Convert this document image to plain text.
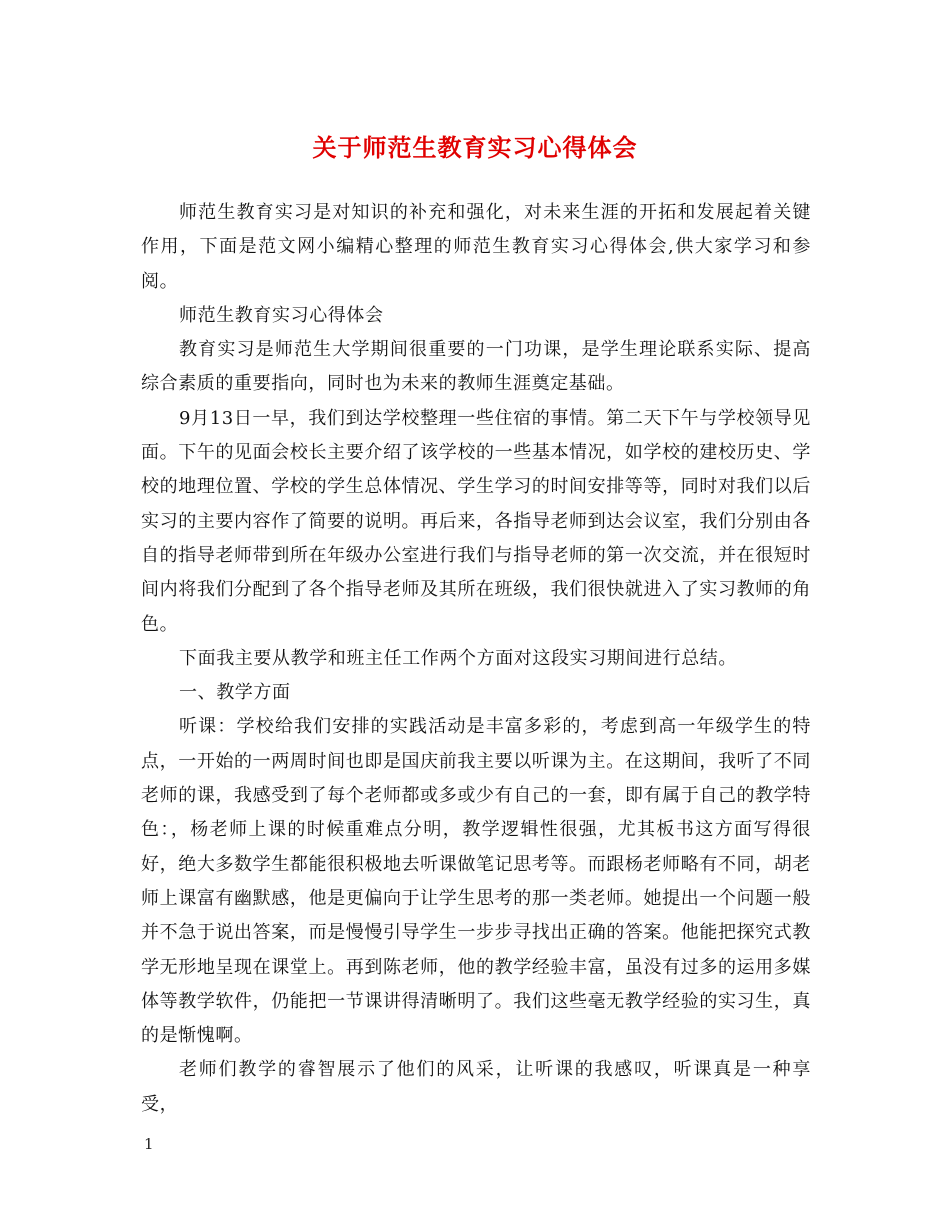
关于师范生教育实习心得体会

师范生教育实习是对知识的补充和强化，对未来生涯的开拓和发展起着关键作用，下面是范文网小编精心整理的师范生教育实习心得体会,供大家学习和参阅。

师范生教育实习心得体会

教育实习是师范生大学期间很重要的一门功课，是学生理论联系实际、提高综合素质的重要指向，同时也为未来的教师生涯奠定基础。

9月13日一早，我们到达学校整理一些住宿的事情。第二天下午与学校领导见面。下午的见面会校长主要介绍了该学校的一些基本情况，如学校的建校历史、学校的地理位置、学校的学生总体情况、学生学习的时间安排等等，同时对我们以后实习的主要内容作了简要的说明。再后来，各指导老师到达会议室，我们分别由各自的指导老师带到所在年级办公室进行我们与指导老师的第一次交流，并在很短时间内将我们分配到了各个指导老师及其所在班级，我们很快就进入了实习教师的角色。

下面我主要从教学和班主任工作两个方面对这段实习期间进行总结。

一、教学方面

听课：学校给我们安排的实践活动是丰富多彩的，考虑到高一年级学生的特点，一开始的一两周时间也即是国庆前我主要以听课为主。在这期间，我听了不同老师的课，我感受到了每个老师都或多或少有自己的一套，即有属于自己的教学特色：，杨老师上课的时候重难点分明，教学逻辑性很强，尤其板书这方面写得很好，绝大多数学生都能很积极地去听课做笔记思考等。而跟杨老师略有不同，胡老师上课富有幽默感，他是更偏向于让学生思考的那一类老师。她提出一个问题一般并不急于说出答案，而是慢慢引导学生一步步寻找出正确的答案。他能把探究式教学无形地呈现在课堂上。再到陈老师，他的教学经验丰富，虽没有过多的运用多媒体等教学软件，仍能把一节课讲得清晰明了。我们这些毫无教学经验的实习生，真的是惭愧啊。

老师们教学的睿智展示了他们的风采，让听课的我感叹，听课真是一种享受，

1
